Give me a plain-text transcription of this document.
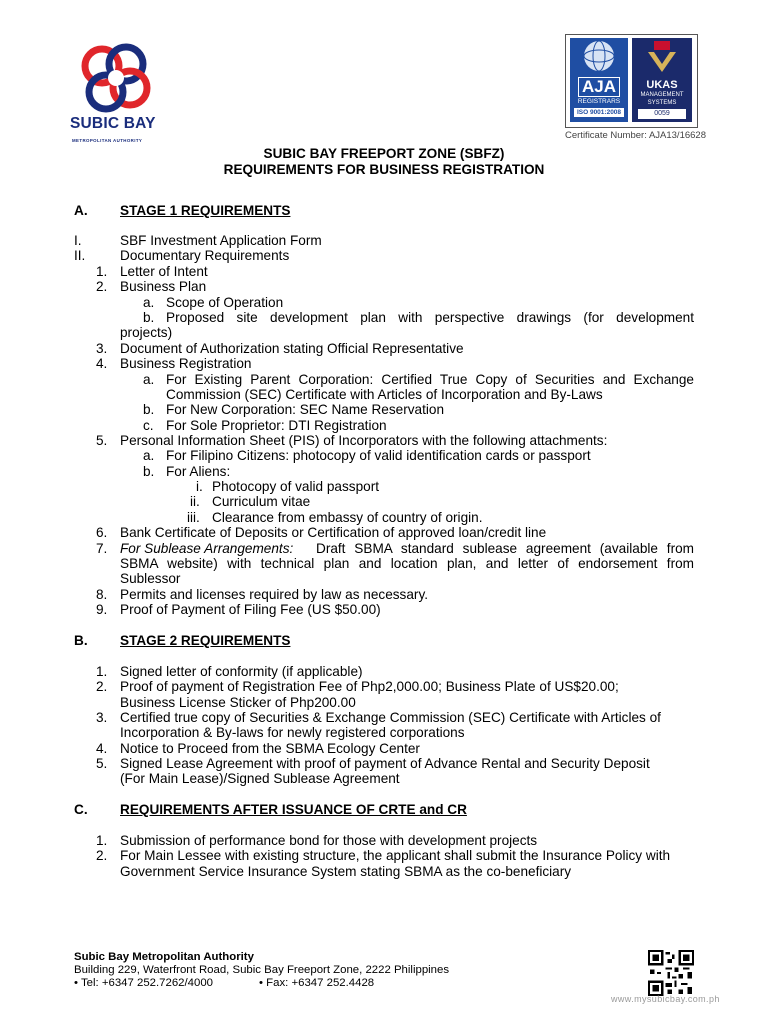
SUBIC BAY
METROPOLITAN AUTHORITY
AJA
REGISTRARS
ISO 9001:2008
UKAS
MANAGEMENT
SYSTEMS
0059
Certificate Number: AJA13/16628
SUBIC BAY FREEPORT ZONE (SBFZ)
REQUIREMENTS FOR BUSINESS REGISTRATION
A. STAGE 1 REQUIREMENTS
I.	SBF Investment Application Form
II.	Documentary Requirements
1. Letter of Intent
2. Business Plan
a. Scope of Operation
b. Proposed site development plan with perspective drawings (for development
projects)
3. Document of Authorization stating Official Representative
4. Business Registration
a. For Existing Parent Corporation: Certified True Copy of Securities and Exchange
Commission (SEC) Certificate with Articles of Incorporation and By-Laws
b. For New Corporation: SEC Name Reservation
c. For Sole Proprietor: DTI Registration
5. Personal Information Sheet (PIS) of Incorporators with the following attachments:
a. For Filipino Citizens: photocopy of valid identification cards or passport
b. For Aliens:
i. Photocopy of valid passport
ii. Curriculum vitae
iii. Clearance from embassy of country of origin.
6. Bank Certificate of Deposits or Certification of approved loan/credit line
7. For Sublease Arrangements: Draft SBMA standard sublease agreement (available from
SBMA website) with technical plan and location plan, and letter of endorsement from
Sublessor
8. Permits and licenses required by law as necessary.
9. Proof of Payment of Filing Fee (US $50.00)
B. STAGE 2 REQUIREMENTS
1. Signed letter of conformity (if applicable)
2. Proof of payment of Registration Fee of Php2,000.00; Business Plate of US$20.00;
Business License Sticker of Php200.00
3. Certified true copy of Securities & Exchange Commission (SEC) Certificate with Articles of
Incorporation & By-laws for newly registered corporations
4. Notice to Proceed from the SBMA Ecology Center
5. Signed Lease Agreement with proof of payment of Advance Rental and Security Deposit
(For Main Lease)/Signed Sublease Agreement
C. REQUIREMENTS AFTER ISSUANCE OF CRTE and CR
1. Submission of performance bond for those with development projects
2. For Main Lessee with existing structure, the applicant shall submit the Insurance Policy with
Government Service Insurance System stating SBMA as the co-beneficiary
Subic Bay Metropolitan Authority
Building 229, Waterfront Road, Subic Bay Freeport Zone, 2222 Philippines
• Tel: +6347 252.7262/4000	• Fax: +6347 252.4428
www.mysubicbay.com.ph
